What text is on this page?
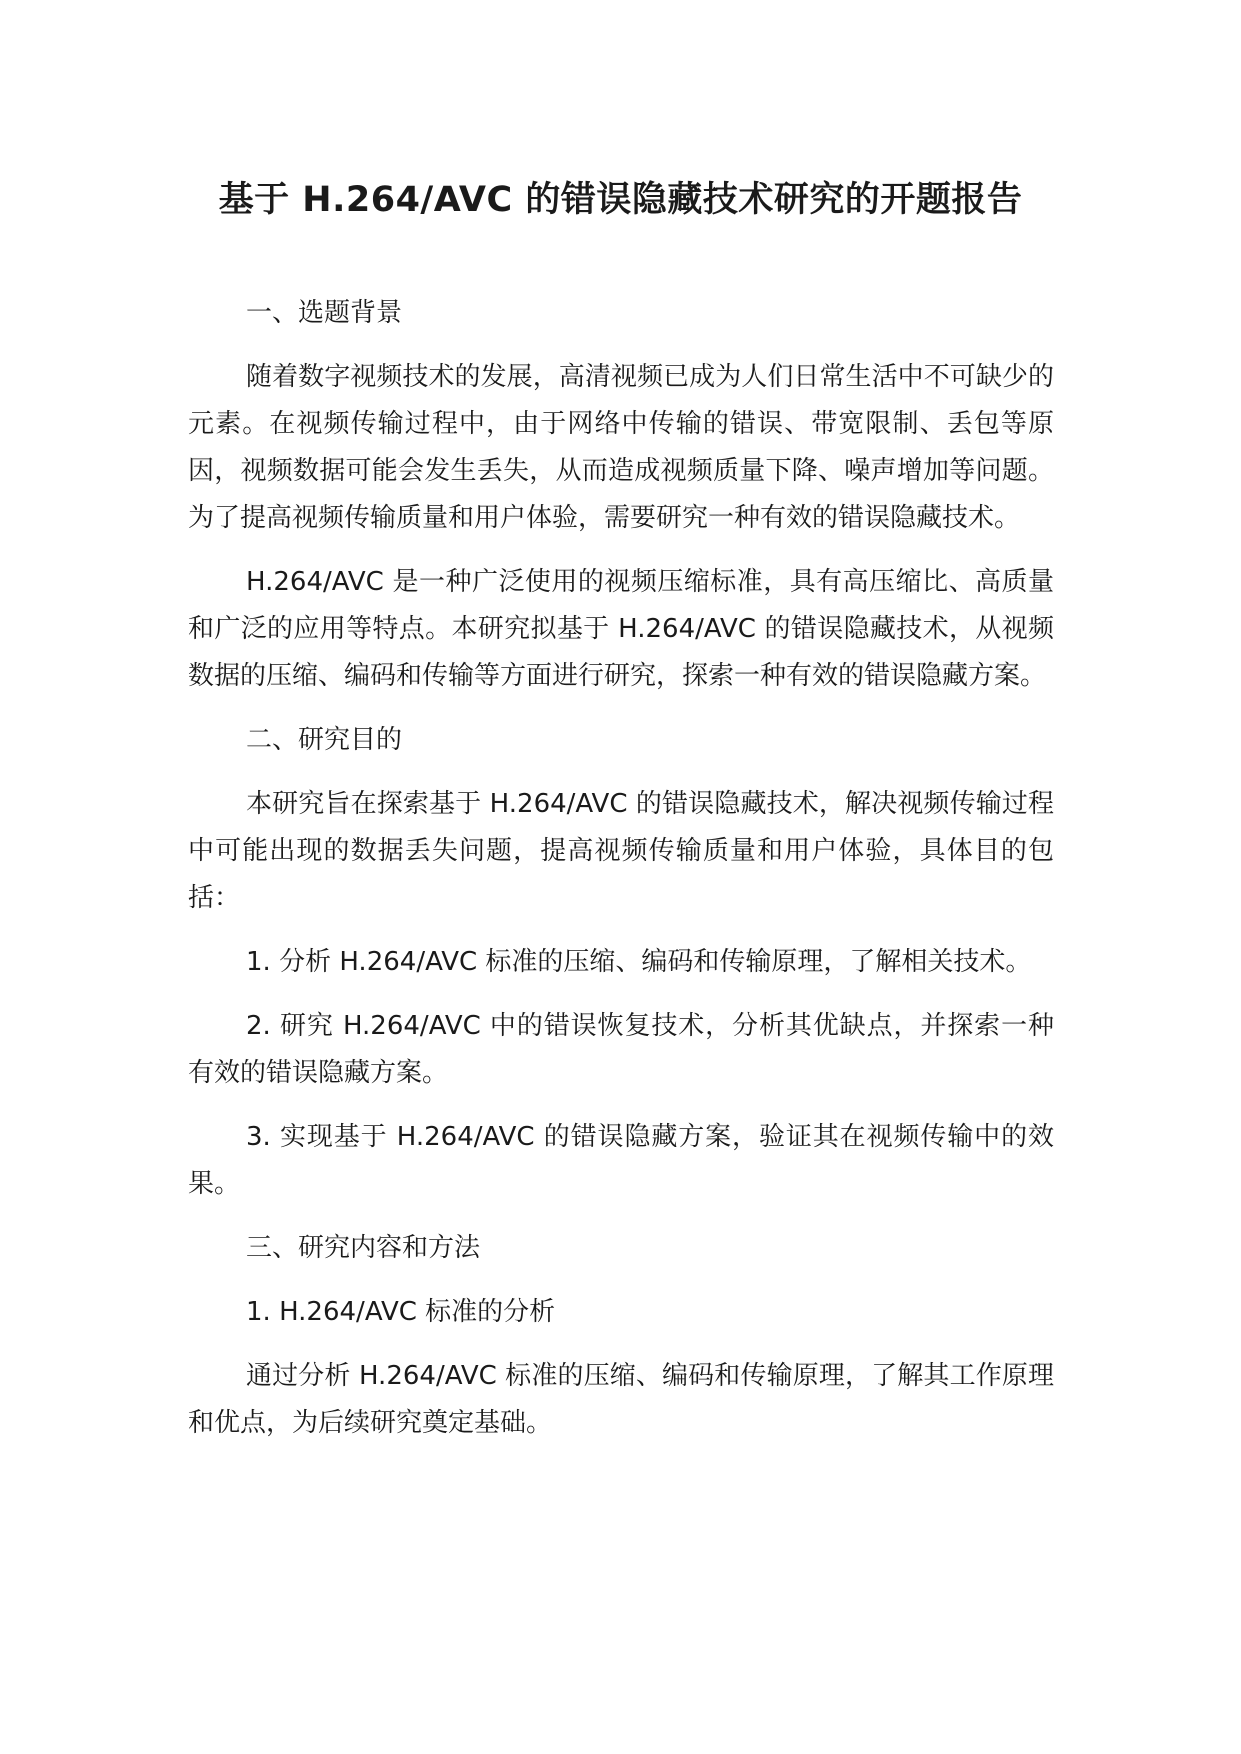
基于 H.264/AVC 的错误隐藏技术研究的开题报告

一、选题背景

随着数字视频技术的发展，高清视频已成为人们日常生活中不可缺少的元素。在视频传输过程中，由于网络中传输的错误、带宽限制、丢包等原因，视频数据可能会发生丢失，从而造成视频质量下降、噪声增加等问题。为了提高视频传输质量和用户体验，需要研究一种有效的错误隐藏技术。

H.264/AVC 是一种广泛使用的视频压缩标准，具有高压缩比、高质量和广泛的应用等特点。本研究拟基于 H.264/AVC 的错误隐藏技术，从视频数据的压缩、编码和传输等方面进行研究，探索一种有效的错误隐藏方案。

二、研究目的

本研究旨在探索基于 H.264/AVC 的错误隐藏技术，解决视频传输过程中可能出现的数据丢失问题，提高视频传输质量和用户体验，具体目的包括：

1. 分析 H.264/AVC 标准的压缩、编码和传输原理，了解相关技术。

2. 研究 H.264/AVC 中的错误恢复技术，分析其优缺点，并探索一种有效的错误隐藏方案。

3. 实现基于 H.264/AVC 的错误隐藏方案，验证其在视频传输中的效果。

三、研究内容和方法

1. H.264/AVC 标准的分析

通过分析 H.264/AVC 标准的压缩、编码和传输原理，了解其工作原理和优点，为后续研究奠定基础。
